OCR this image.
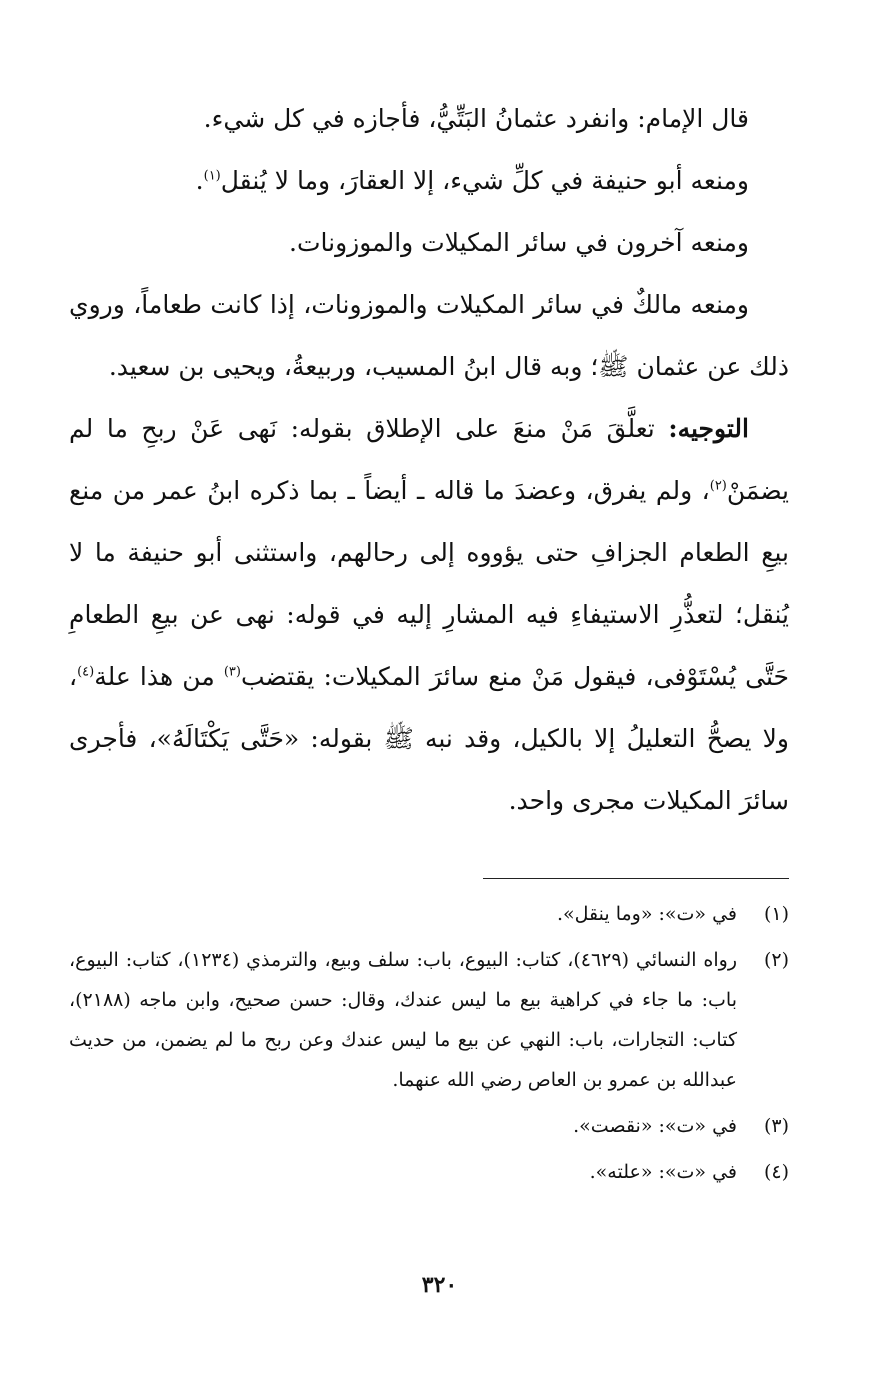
قال الإمام: وانفرد عثمانُ البَتِّيُّ، فأجازه في كل شيء.

ومنعه أبو حنيفة في كلِّ شيء، إلا العقارَ، وما لا يُنقل$^{(١)}$.

ومنعه آخرون في سائر المكيلات والموزونات.

ومنعه مالكٌ في سائر المكيلات والموزونات، إذا كانت طعاماً، وروي ذلك عن عثمان ﷺ؛ وبه قال ابنُ المسيب، وربيعةُ، ويحيى بن سعيد.

التوجيه: تعلَّقَ مَنْ منعَ على الإطلاق بقوله: نَهى عَنْ ربحِ ما لم يضمَنْ$^{(٢)}$، ولم يفرق، وعضدَ ما قاله ـ أيضاً ـ بما ذكره ابنُ عمر من منع بيعِ الطعام الجزافِ حتى يؤووه إلى رحالهم، واستثنى أبو حنيفة ما لا يُنقل؛ لتعذُّرِ الاستيفاءِ فيه المشارِ إليه في قوله: نهى عن بيعِ الطعامِ حَتَّى يُسْتَوْفى، فيقول مَنْ منع سائرَ المكيلات: يقتضب$^{(٣)}$ من هذا علة$^{(٤)}$، ولا يصحُّ التعليلُ إلا بالكيل، وقد نبه ﷺ بقوله: «حَتَّى يَكْتَالَهُ»، فأجرى سائرَ المكيلات مجرى واحد.

(١)
في «ت»: «وما ينقل».
(٢)
رواه النسائي (٤٦٢٩)، كتاب: البيوع، باب: سلف وبيع، والترمذي (١٢٣٤)، كتاب: البيوع، باب: ما جاء في كراهية بيع ما ليس عندك، وقال: حسن صحيح، وابن ماجه (٢١٨٨)، كتاب: التجارات، باب: النهي عن بيع ما ليس عندك وعن ربح ما لم يضمن، من حديث عبدالله بن عمرو بن العاص رضي الله عنهما.
(٣)
في «ت»: «نقصت».
(٤)
في «ت»: «علته».
٣٢٠
